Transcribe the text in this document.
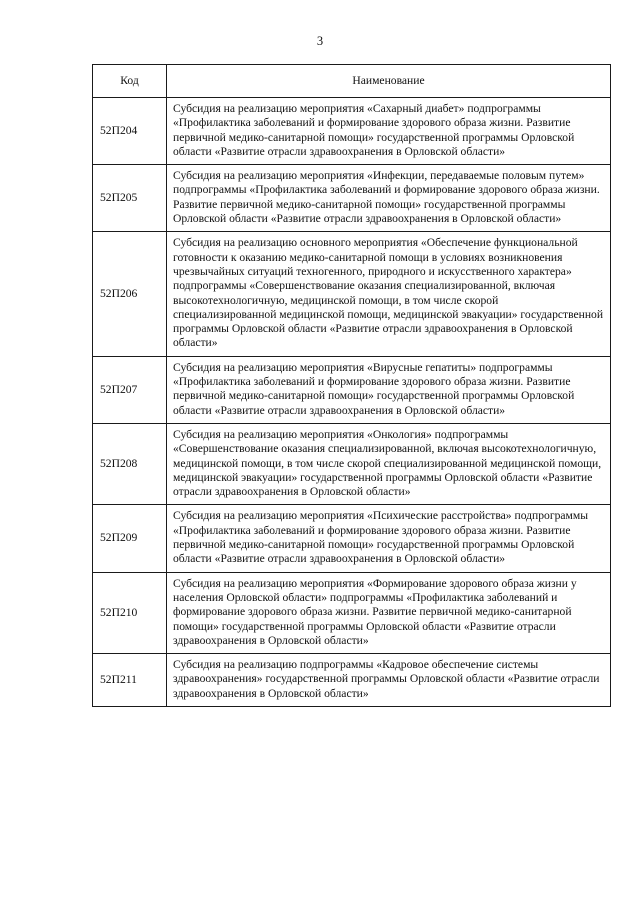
3
Код	Наименование
52П204	Субсидия на реализацию мероприятия «Сахарный диабет» подпрограммы «Профилактика заболеваний и формирование здорового образа жизни. Развитие первичной медико-санитарной помощи» государственной программы Орловской области «Развитие отрасли здравоохранения в Орловской области»
52П205	Субсидия на реализацию мероприятия «Инфекции, передаваемые половым путем» подпрограммы «Профилактика заболеваний и формирование здорового образа жизни. Развитие первичной медико-санитарной помощи» государственной программы Орловской области «Развитие отрасли здравоохранения в Орловской области»
52П206	Субсидия на реализацию основного мероприятия «Обеспечение функциональной готовности к оказанию медико-санитарной помощи в условиях возникновения чрезвычайных ситуаций техногенного, природного и искусственного характера» подпрограммы «Совершенствование оказания специализированной, включая высокотехнологичную, медицинской помощи, в том числе скорой специализированной медицинской помощи, медицинской эвакуации» государственной программы Орловской области «Развитие отрасли здравоохранения в Орловской области»
52П207	Субсидия на реализацию мероприятия «Вирусные гепатиты» подпрограммы «Профилактика заболеваний и формирование здорового образа жизни. Развитие первичной медико-санитарной помощи» государственной программы Орловской области «Развитие отрасли здравоохранения в Орловской области»
52П208	Субсидия на реализацию мероприятия «Онкология» подпрограммы «Совершенствование оказания специализированной, включая высокотехнологичную, медицинской помощи, в том числе скорой специализированной медицинской помощи, медицинской эвакуации» государственной программы Орловской области «Развитие отрасли здравоохранения в Орловской области»
52П209	Субсидия на реализацию мероприятия «Психические расстройства» подпрограммы «Профилактика заболеваний и формирование здорового образа жизни. Развитие первичной медико-санитарной помощи» государственной программы Орловской области «Развитие отрасли здравоохранения в Орловской области»
52П210	Субсидия на реализацию мероприятия «Формирование здорового образа жизни у населения Орловской области» подпрограммы «Профилактика заболеваний и формирование здорового образа жизни. Развитие первичной медико-санитарной помощи» государственной программы Орловской области «Развитие отрасли здравоохранения в Орловской области»
52П211	Субсидия на реализацию подпрограммы «Кадровое обеспечение системы здравоохранения» государственной программы Орловской области «Развитие отрасли здравоохранения в Орловской области»
